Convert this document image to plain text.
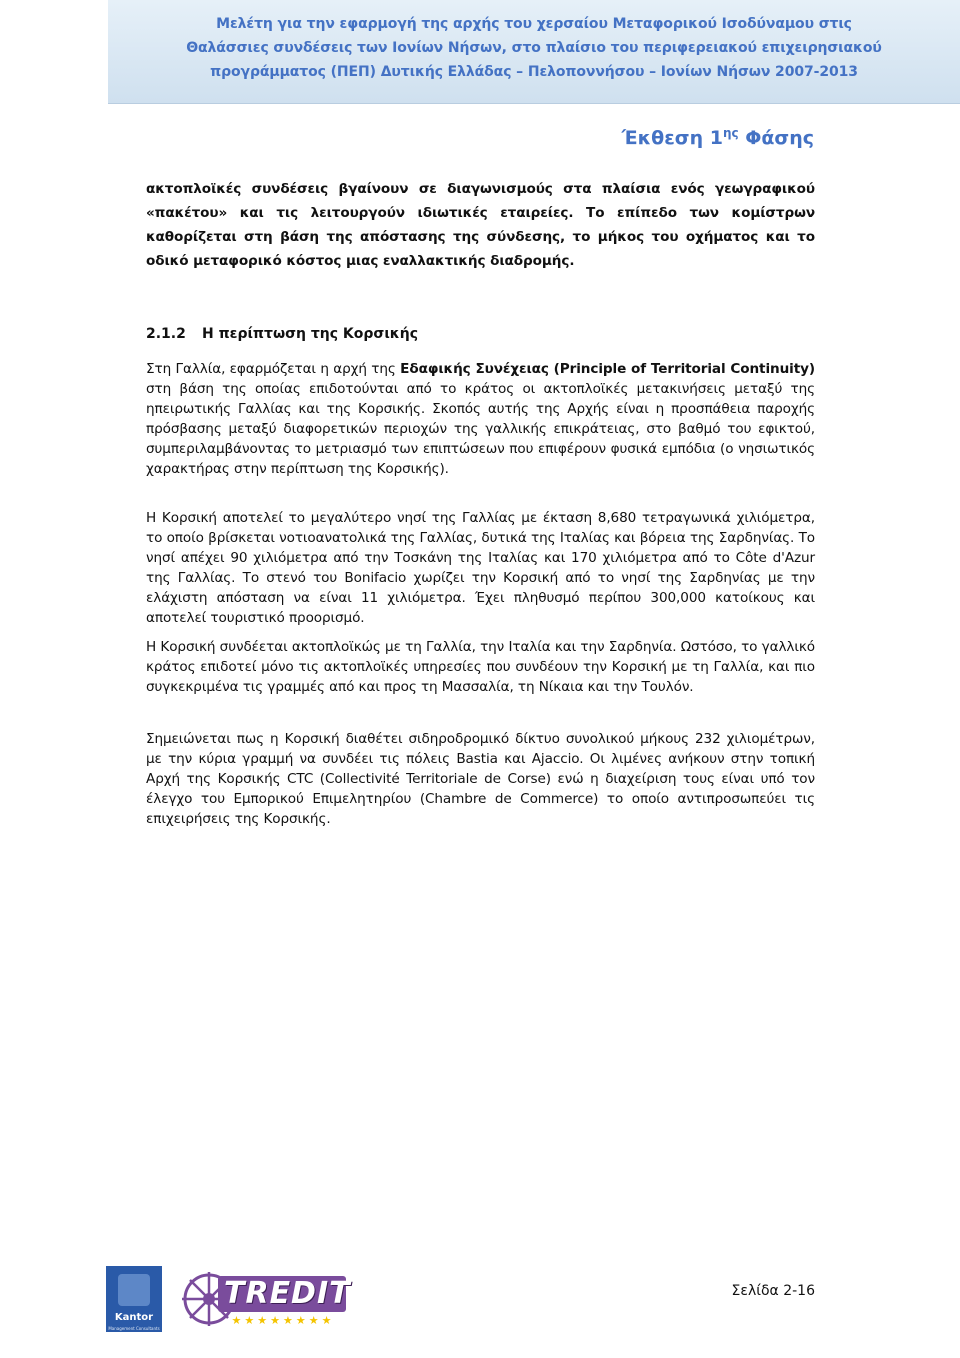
Μελέτη για την εφαρμογή της αρχής του χερσαίου Μεταφορικού Ισοδύναμου στις
Θαλάσσιες συνδέσεις των Ιονίων Νήσων, στο πλαίσιο του περιφερειακού επιχειρησιακού
προγράμματος (ΠΕΠ) Δυτικής Ελλάδας – Πελοποννήσου – Ιονίων Νήσων 2007-2013
Έκθεση $1^{\eta\varsigma}$ Φάσης
ακτοπλοϊκές συνδέσεις βγαίνουν σε διαγωνισμούς στα πλαίσια ενός γεωγραφικού «πακέτου» και τις λειτουργούν ιδιωτικές εταιρείες. Το επίπεδο των κομίστρων καθορίζεται στη βάση της απόστασης της σύνδεσης, το μήκος του οχήματος και το οδικό μεταφορικό κόστος μιας εναλλακτικής διαδρομής.
2.1.2 Η περίπτωση της Κορσικής
Στη Γαλλία, εφαρμόζεται η αρχή της Εδαφικής Συνέχειας (Principle of Territorial Continuity) στη βάση της οποίας επιδοτούνται από το κράτος οι ακτοπλοϊκές μετακινήσεις μεταξύ της ηπειρωτικής Γαλλίας και της Κορσικής. Σκοπός αυτής της Αρχής είναι η προσπάθεια παροχής πρόσβασης μεταξύ διαφορετικών περιοχών της γαλλικής επικράτειας, στο βαθμό του εφικτού, συμπεριλαμβάνοντας το μετριασμό των επιπτώσεων που επιφέρουν φυσικά εμπόδια (ο νησιωτικός χαρακτήρας στην περίπτωση της Κορσικής).
Η Κορσική αποτελεί το μεγαλύτερο νησί της Γαλλίας με έκταση 8,680 τετραγωνικά χιλιόμετρα, το οποίο βρίσκεται νοτιοανατολικά της Γαλλίας, δυτικά της Ιταλίας και βόρεια της Σαρδηνίας. Το νησί απέχει 90 χιλιόμετρα από την Τοσκάνη της Ιταλίας και 170 χιλιόμετρα από το Côte d'Azur της Γαλλίας. Το στενό του Bonifacio χωρίζει την Κορσική από το νησί της Σαρδηνίας με την ελάχιστη απόσταση να είναι 11 χιλιόμετρα. Έχει πληθυσμό περίπου 300,000 κατοίκους και αποτελεί τουριστικό προορισμό.
Η Κορσική συνδέεται ακτοπλοϊκώς με τη Γαλλία, την Ιταλία και την Σαρδηνία. Ωστόσο, το γαλλικό κράτος επιδοτεί μόνο τις ακτοπλοϊκές υπηρεσίες που συνδέουν την Κορσική με τη Γαλλία, και πιο συγκεκριμένα τις γραμμές από και προς τη Μασσαλία, τη Νίκαια και την Τουλόν.
Σημειώνεται πως η Κορσική διαθέτει σιδηροδρομικό δίκτυο συνολικού μήκους 232 χιλιομέτρων, με την κύρια γραμμή να συνδέει τις πόλεις Bastia και Ajaccio. Οι λιμένες ανήκουν στην τοπική Αρχή της Κορσικής CTC (Collectivité Territoriale de Corse) ενώ η διαχείριση τους είναι υπό τον έλεγχο του Εμπορικού Επιμελητηρίου (Chambre de Commerce) το οποίο αντιπροσωπεύει τις επιχειρήσεις της Κορσικής.
Kantor
Management Consultants
TREDIT
★★★★★★★★
Σελίδα 2-16
